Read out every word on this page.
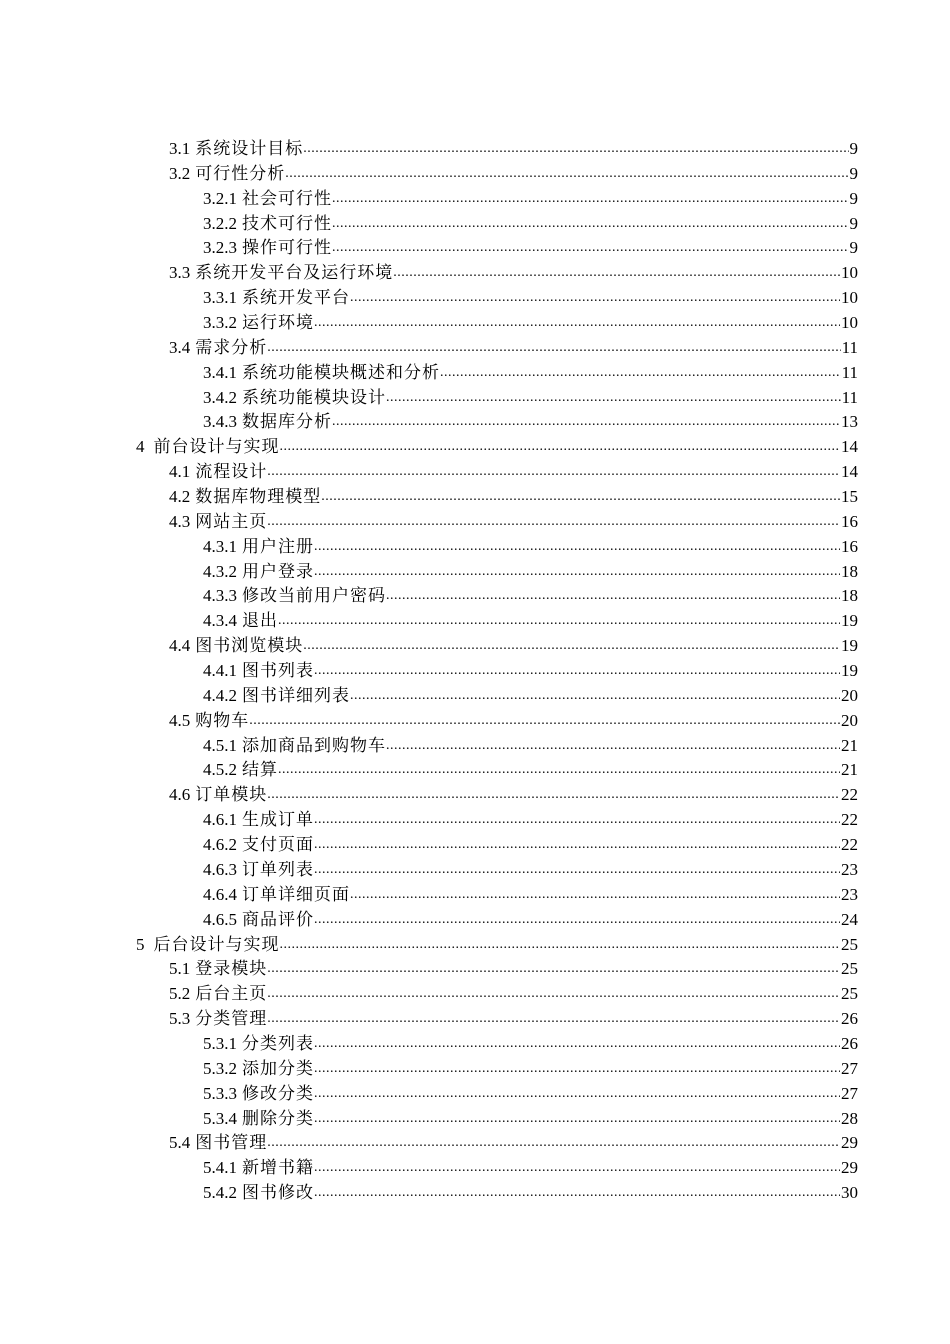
3.1 系统设计目标 .....	9
3.2 可行性分析 .....	9
3.2.1 社会可行性 .....	9
3.2.2 技术可行性 .....	9
3.2.3 操作可行性 .....	9
3.3 系统开发平台及运行环境 .....	10
3.3.1 系统开发平台 .....	10
3.3.2 运行环境 .....	10
3.4 需求分析 .....	11
3.4.1 系统功能模块概述和分析 .....	11
3.4.2 系统功能模块设计 .....	11
3.4.3 数据库分析 .....	13
4 前台设计与实现 .....	14
4.1 流程设计 .....	14
4.2 数据库物理模型 .....	15
4.3 网站主页 .....	16
4.3.1 用户注册 .....	16
4.3.2 用户登录 .....	18
4.3.3 修改当前用户密码 .....	18
4.3.4 退出 .....	19
4.4 图书浏览模块 .....	19
4.4.1 图书列表 .....	19
4.4.2 图书详细列表 .....	20
4.5 购物车 .....	20
4.5.1 添加商品到购物车 .....	21
4.5.2 结算 .....	21
4.6 订单模块 .....	22
4.6.1 生成订单 .....	22
4.6.2 支付页面 .....	22
4.6.3 订单列表 .....	23
4.6.4 订单详细页面 .....	23
4.6.5 商品评价 .....	24
5 后台设计与实现 .....	25
5.1 登录模块 .....	25
5.2 后台主页 .....	25
5.3 分类管理 .....	26
5.3.1 分类列表 .....	26
5.3.2 添加分类 .....	27
5.3.3 修改分类 .....	27
5.3.4 删除分类 .....	28
5.4 图书管理 .....	29
5.4.1 新增书籍 .....	29
5.4.2 图书修改 .....	30
